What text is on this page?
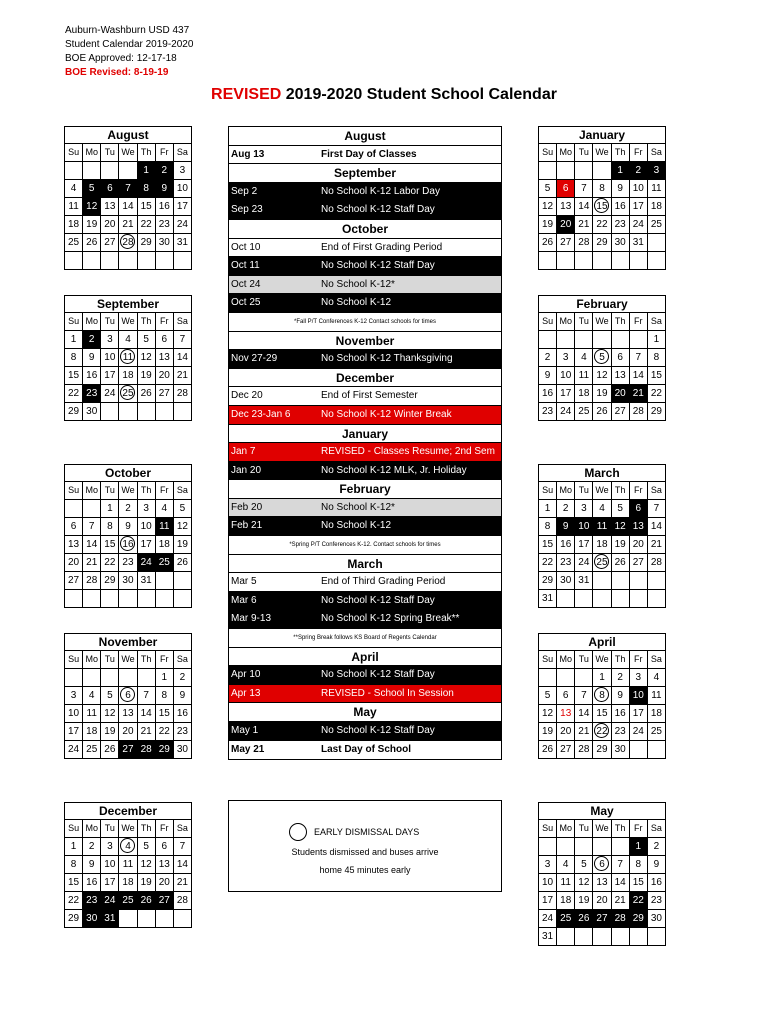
Auburn-Washburn USD 437
Student Calendar 2019-2020
BOE Approved: 12-17-18
BOE Revised: 8-19-19
REVISED 2019-2020 Student School Calendar
August						
Su	Mo	Tu	We	Th	Fr	Sa
				1	2	3
4	5	6	7	8	9	10
11	12	13	14	15	16	17
18	19	20	21	22	23	24
25	26	27	28	29	30	31

September						
Su	Mo	Tu	We	Th	Fr	Sa
1	2	3	4	5	6	7
8	9	10	11	12	13	14
15	16	17	18	19	20	21
22	23	24	25	26	27	28
29	30					
October						
Su	Mo	Tu	We	Th	Fr	Sa
		1	2	3	4	5
6	7	8	9	10	11	12
13	14	15	16	17	18	19
20	21	22	23	24	25	26
27	28	29	30	31		

November						
Su	Mo	Tu	We	Th	Fr	Sa
					1	2
3	4	5	6	7	8	9
10	11	12	13	14	15	16
17	18	19	20	21	22	23
24	25	26	27	28	29	30
December						
Su	Mo	Tu	We	Th	Fr	Sa
1	2	3	4	5	6	7
8	9	10	11	12	13	14
15	16	17	18	19	20	21
22	23	24	25	26	27	28
29	30	31				
January						
Su	Mo	Tu	We	Th	Fr	Sa
				1	2	3
5	6	7	8	9	10	11
12	13	14	15	16	17	18
19	20	21	22	23	24	25
26	27	28	29	30	31	

February						
Su	Mo	Tu	We	Th	Fr	Sa
						1
2	3	4	5	6	7	8
9	10	11	12	13	14	15
16	17	18	19	20	21	22
23	24	25	26	27	28	29
March						
Su	Mo	Tu	We	Th	Fr	Sa
1	2	3	4	5	6	7
8	9	10	11	12	13	14
15	16	17	18	19	20	21
22	23	24	25	26	27	28
29	30	31				
31						
April						
Su	Mo	Tu	We	Th	Fr	Sa
			1	2	3	4
5	6	7	8	9	10	11
12	13	14	15	16	17	18
19	20	21	22	23	24	25
26	27	28	29	30		
May						
Su	Mo	Tu	We	Th	Fr	Sa
					1	2
3	4	5	6	7	8	9
10	11	12	13	14	15	16
17	18	19	20	21	22	23
24	25	26	27	28	29	30
31						
August
Aug 13	First Day of Classes
September
Sep 2	No School K-12 Labor Day
Sep 23	No School K-12 Staff Day
October
Oct 10	End of First Grading Period
Oct 11	No School K-12 Staff Day
Oct 24	No School K-12*
Oct 25	No School K-12
*Fall P/T Conferences K-12 Contact schools for times
November
Nov 27-29	No School K-12 Thanksgiving
December
Dec 20	End of First Semester
Dec 23-Jan 6	No School K-12 Winter Break
January
Jan 7	REVISED - Classes Resume; 2nd Sem
Jan 20	No School K-12 MLK, Jr. Holiday
February
Feb 20	No School K-12*
Feb 21	No School K-12
*Spring P/T Conferences K-12. Contact schools for times
March
Mar 5	End of Third Grading Period
Mar 6	No School K-12 Staff Day
Mar 9-13	No School K-12 Spring Break**
**Spring Break follows KS Board of Regents Calendar
April
Apr 10	No School K-12 Staff Day
Apr 13	REVISED - School In Session
May
May 1	No School K-12 Staff Day
May 21	Last Day of School
EARLY DISMISSAL DAYS
Students dismissed and buses arrive
home 45 minutes early
